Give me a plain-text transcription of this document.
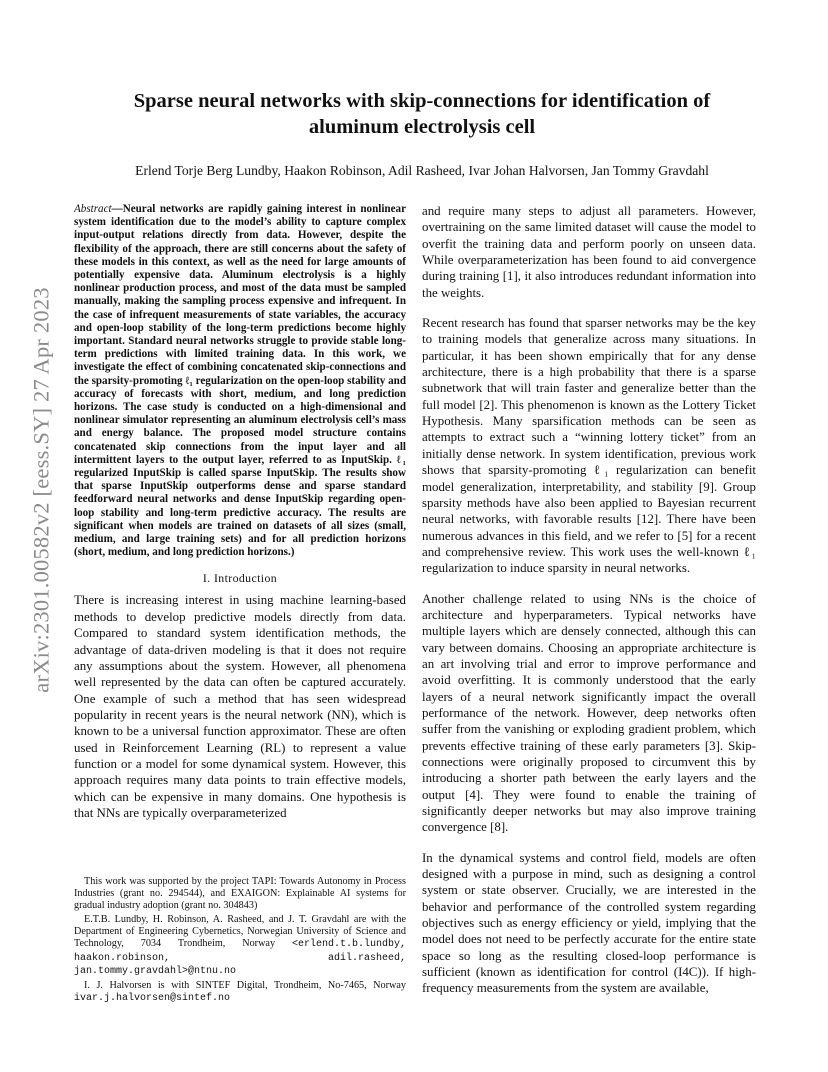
arXiv:2301.00582v2 [eess.SY] 27 Apr 2023
Sparse neural networks with skip-connections for identification of
aluminum electrolysis cell
Erlend Torje Berg Lundby, Haakon Robinson, Adil Rasheed, Ivar Johan Halvorsen, Jan Tommy Gravdahl

Abstract—Neural networks are rapidly gaining interest in nonlinear system identification due to the model’s ability to capture complex input-output relations directly from data. However, despite the flexibility of the approach, there are still concerns about the safety of these models in this context, as well as the need for large amounts of potentially expensive data. Aluminum electrolysis is a highly nonlinear production process, and most of the data must be sampled manually, making the sampling process expensive and infrequent. In the case of infrequent measurements of state variables, the accuracy and open-loop stability of the long-term predictions become highly important. Standard neural networks struggle to provide stable long-term predictions with limited training data. In this work, we investigate the effect of combining concatenated skip-connections and the sparsity-promoting ℓ₁ regularization on the open-loop stability and accuracy of forecasts with short, medium, and long prediction horizons. The case study is conducted on a high-dimensional and nonlinear simulator representing an aluminum electrolysis cell’s mass and energy balance. The proposed model structure contains concatenated skip connections from the input layer and all intermittent layers to the output layer, referred to as InputSkip. ℓ₁ regularized InputSkip is called sparse InputSkip. The results show that sparse InputSkip outperforms dense and sparse standard feedforward neural networks and dense InputSkip regarding open-loop stability and long-term predictive accuracy. The results are significant when models are trained on datasets of all sizes (small, medium, and large training sets) and for all prediction horizons (short, medium, and long prediction horizons.)

I. Introduction

There is increasing interest in using machine learning-based methods to develop predictive models directly from data. Compared to standard system identification methods, the advantage of data-driven modeling is that it does not require any assumptions about the system. However, all phenomena well represented by the data can often be captured accurately. One example of such a method that has seen widespread popularity in recent years is the neural network (NN), which is known to be a universal function approximator. These are often used in Reinforcement Learning (RL) to represent a value function or a model for some dynamical system. However, this approach requires many data points to train effective models, which can be expensive in many domains. One hypothesis is that NNs are typically overparameterized

This work was supported by the project TAPI: Towards Autonomy in Process Industries (grant no. 294544), and EXAIGON: Explainable AI systems for gradual industry adoption (grant no. 304843)

E.T.B. Lundby, H. Robinson, A. Rasheed, and J. T. Gravdahl are with the Department of Engineering Cybernetics, Norwegian University of Science and Technology, 7034 Trondheim, Norway <erlend.t.b.lundby, haakon.robinson, adil.rasheed, jan.tommy.gravdahl>@ntnu.no

I. J. Halvorsen is with SINTEF Digital, Trondheim, No-7465, Norway ivar.j.halvorsen@sintef.no

and require many steps to adjust all parameters. However, overtraining on the same limited dataset will cause the model to overfit the training data and perform poorly on unseen data. While overparameterization has been found to aid convergence during training [1], it also introduces redundant information into the weights.

Recent research has found that sparser networks may be the key to training models that generalize across many situations. In particular, it has been shown empirically that for any dense architecture, there is a high probability that there is a sparse subnetwork that will train faster and generalize better than the full model [2]. This phenomenon is known as the Lottery Ticket Hypothesis. Many sparsification methods can be seen as attempts to extract such a “winning lottery ticket” from an initially dense network. In system identification, previous work shows that sparsity-promoting ℓ₁ regularization can benefit model generalization, interpretability, and stability [9]. Group sparsity methods have also been applied to Bayesian recurrent neural networks, with favorable results [12]. There have been numerous advances in this field, and we refer to [5] for a recent and comprehensive review. This work uses the well-known ℓ₁ regularization to induce sparsity in neural networks.

Another challenge related to using NNs is the choice of architecture and hyperparameters. Typical networks have multiple layers which are densely connected, although this can vary between domains. Choosing an appropriate architecture is an art involving trial and error to improve performance and avoid overfitting. It is commonly understood that the early layers of a neural network significantly impact the overall performance of the network. However, deep networks often suffer from the vanishing or exploding gradient problem, which prevents effective training of these early parameters [3]. Skip-connections were originally proposed to circumvent this by introducing a shorter path between the early layers and the output [4]. They were found to enable the training of significantly deeper networks but may also improve training convergence [8].

In the dynamical systems and control field, models are often designed with a purpose in mind, such as designing a control system or state observer. Crucially, we are interested in the behavior and performance of the controlled system regarding objectives such as energy efficiency or yield, implying that the model does not need to be perfectly accurate for the entire state space so long as the resulting closed-loop performance is sufficient (known as identification for control (I4C)). If high-frequency measurements from the system are available,
